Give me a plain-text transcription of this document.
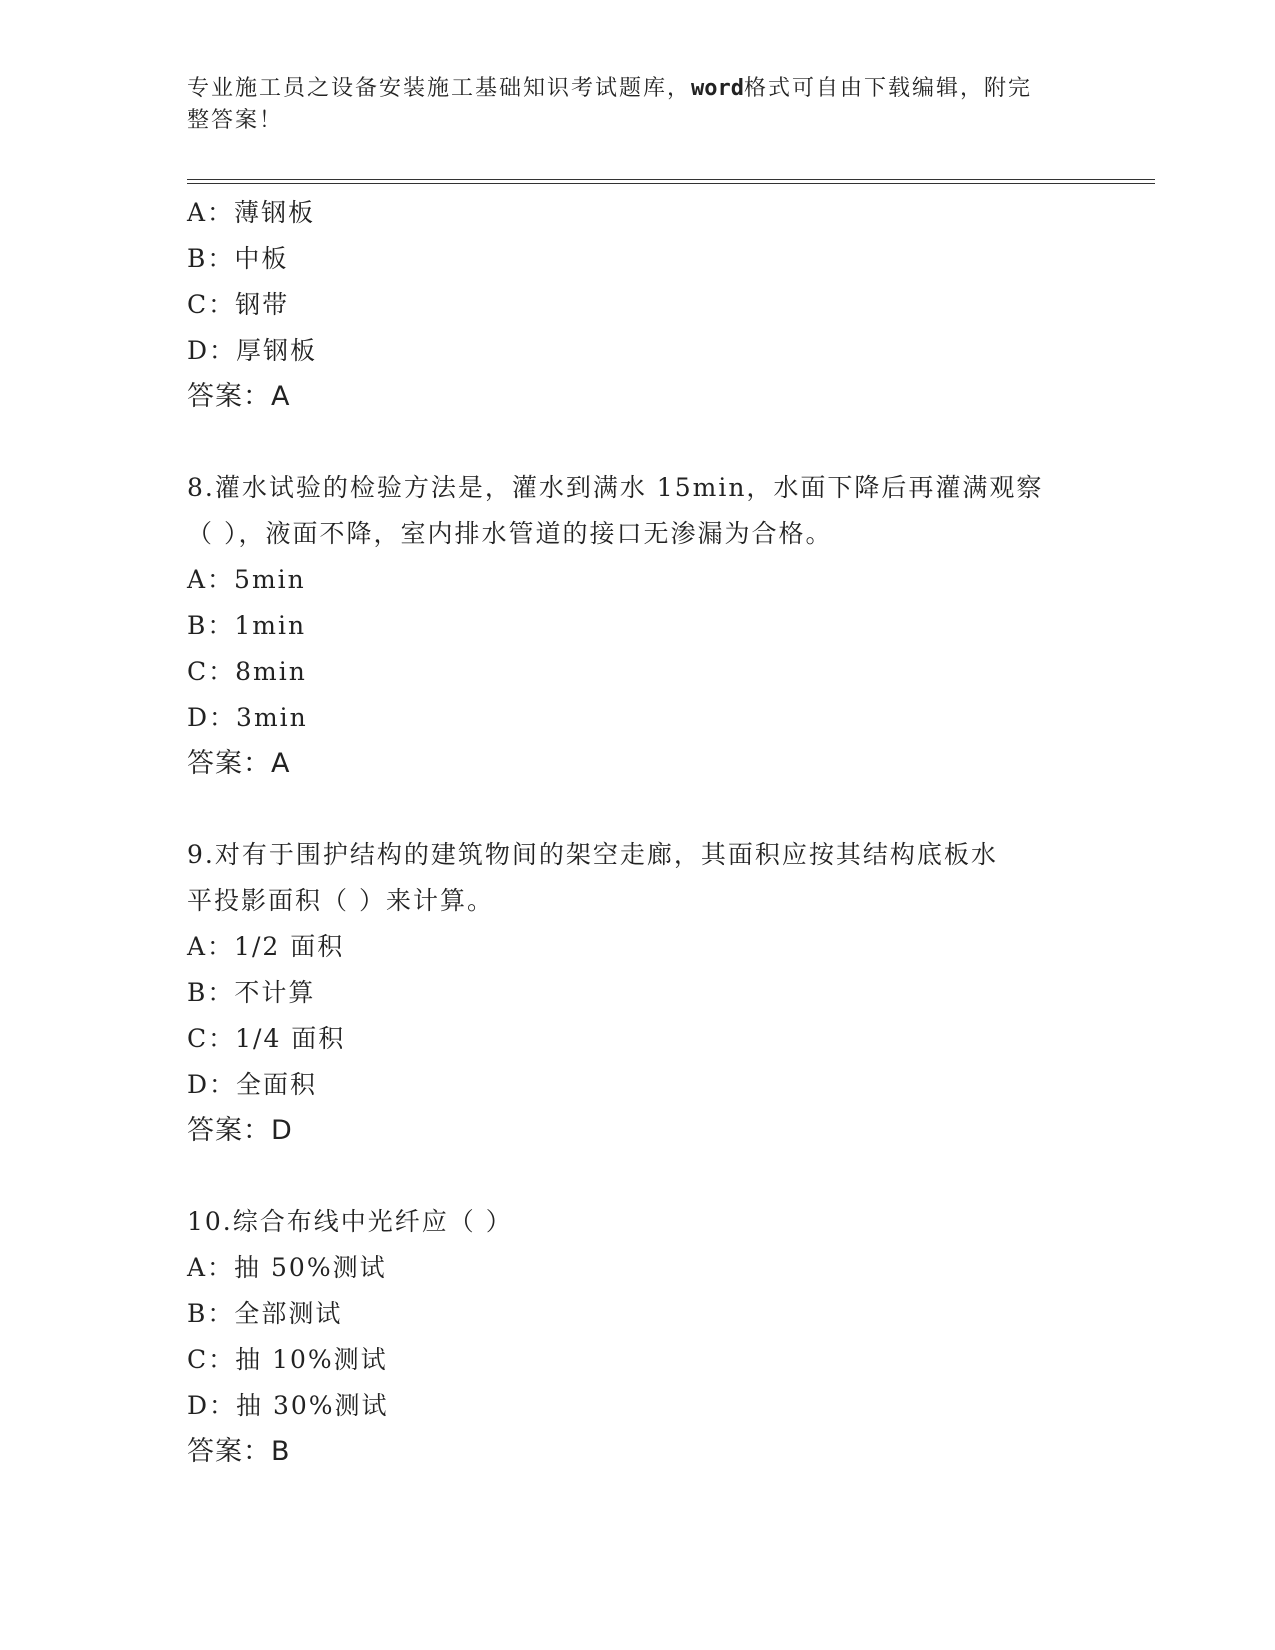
专业施工员之设备安装施工基础知识考试题库，word格式可自由下载编辑，附完
整答案！
A：薄钢板
B：中板
C：钢带
D：厚钢板
答案：A
8.灌水试验的检验方法是，灌水到满水 15min，水面下降后再灌满观察
（ ），液面不降，室内排水管道的接口无渗漏为合格。
A：5min
B：1min
C：8min
D：3min
答案：A
9.对有于围护结构的建筑物间的架空走廊，其面积应按其结构底板水
平投影面积（ ）来计算。
A：1/2 面积
B：不计算
C：1/4 面积
D：全面积
答案：D
10.综合布线中光纤应（ ）
A：抽 50%测试
B：全部测试
C：抽 10%测试
D：抽 30%测试
答案：B
